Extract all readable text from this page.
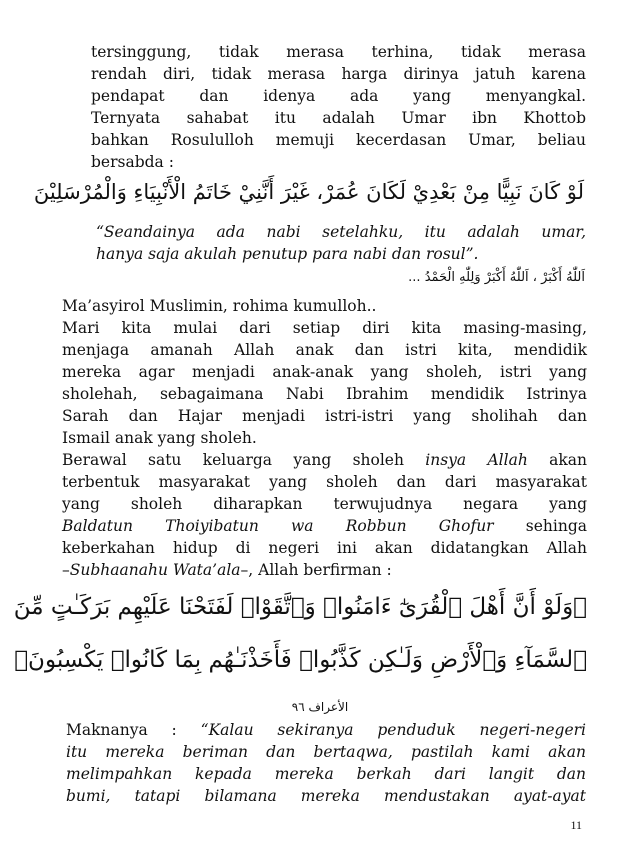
tersinggung, tidak merasa terhina, tidak merasa
rendah diri, tidak merasa harga dirinya jatuh karena
pendapat dan idenya ada yang menyangkal.
Ternyata sahabat itu adalah Umar ibn Khottob
bahkan Rosululloh memuji kecerdasan Umar, beliau
bersabda :
لَوْ كَانَ نَبِيًّا مِنْ بَعْدِيْ لَكَانَ عُمَرْ، غَيْرَ أَنَّنِيْ خَاتَمُ الْأَنْبِيَاءِ وَالْمُرْسَلِيْنَ
“Seandainya ada nabi setelahku, itu adalah umar,
hanya saja akulah penutup para nabi dan rosul”.
اَللّٰهُ أَكْبَرْ ، اَللّٰهُ أَكْبَرْ وَلِلّٰهِ الْحَمْدُ ...
Ma’asyirol Muslimin, rohima kumulloh..
Mari kita mulai dari setiap diri kita masing-masing,
menjaga amanah Allah anak dan istri kita, mendidik
mereka agar menjadi anak-anak yang sholeh, istri yang
sholehah, sebagaimana Nabi Ibrahim mendidik Istrinya
Sarah dan Hajar menjadi istri-istri yang sholihah dan
Ismail anak yang sholeh.
Berawal satu keluarga yang sholeh insya Allah akan
terbentuk masyarakat yang sholeh dan dari masyarakat
yang sholeh diharapkan terwujudnya negara yang
Baldatun Thoiyibatun wa Robbun Ghofur sehinga
keberkahan hidup di negeri ini akan didatangkan Allah
–Subhaanahu Wata’ala–, Allah berfirman :
﴿وَلَوْ أَنَّ أَهْلَ ٱلْقُرَىٰٓ ءَامَنُوا۟ وَٱتَّقَوْا۟ لَفَتَحْنَا عَلَيْهِم بَرَكَـٰتٍ مِّنَ
ٱلسَّمَآءِ وَٱلْأَرْضِ وَلَـٰكِن كَذَّبُوا۟ فَأَخَذْنَـٰهُم بِمَا كَانُوا۟ يَكْسِبُونَ﴾
الأعراف ٩٦
Maknanya : “Kalau sekiranya penduduk negeri-negeri
itu mereka beriman dan bertaqwa, pastilah kami akan
melimpahkan kepada mereka berkah dari langit dan
bumi, tatapi bilamana mereka mendustakan ayat-ayat
11
